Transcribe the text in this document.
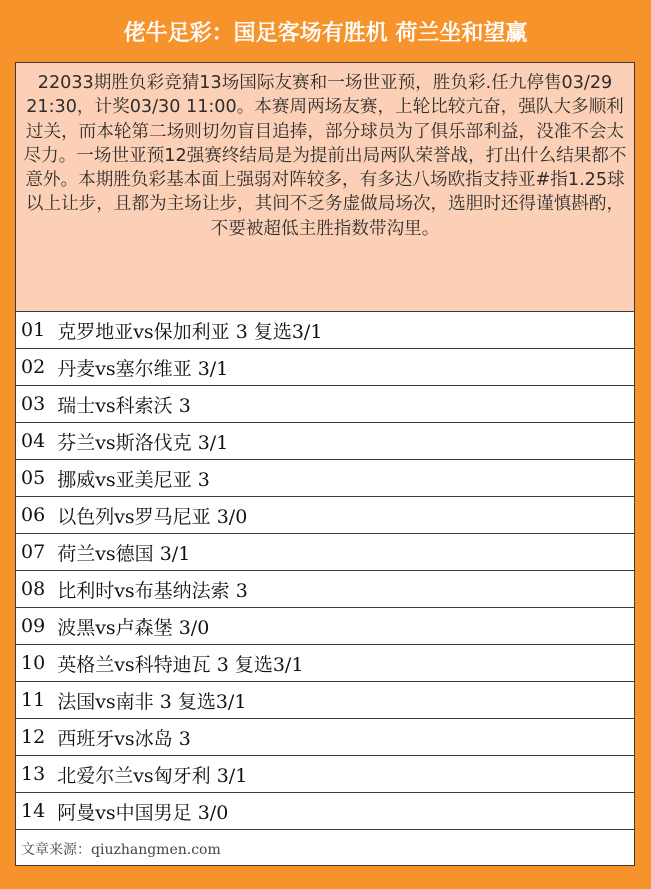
佬牛足彩：国足客场有胜机 荷兰坐和望赢
22033期胜负彩竞猜13场国际友赛和一场世亚预，胜负彩.任九停售03/29 21:30，计奖03/30 11:00。本赛周两场友赛，上轮比较亢奋，强队大多顺利过关，而本轮第二场则切勿盲目追捧，部分球员为了俱乐部利益，没准不会太尽力。一场世亚预12强赛终结局是为提前出局两队荣誉战，打出什么结果都不意外。本期胜负彩基本面上强弱对阵较多，有多达八场欧指支持亚#指1.25球以上让步，且都为主场让步，其间不乏务虚做局场次，选胆时还得谨慎斟酌，不要被超低主胜指数带沟里。
01 克罗地亚vs保加利亚 3 复选3/1
02 丹麦vs塞尔维亚 3/1
03 瑞士vs科索沃 3
04 芬兰vs斯洛伐克 3/1
05 挪威vs亚美尼亚 3
06 以色列vs罗马尼亚 3/0
07 荷兰vs德国 3/1
08 比利时vs布基纳法索 3
09 波黑vs卢森堡 3/0
10 英格兰vs科特迪瓦 3 复选3/1
11 法国vs南非 3 复选3/1
12 西班牙vs冰岛 3
13 北爱尔兰vs匈牙利 3/1
14 阿曼vs中国男足 3/0
文章来源：qiuzhangmen.com
